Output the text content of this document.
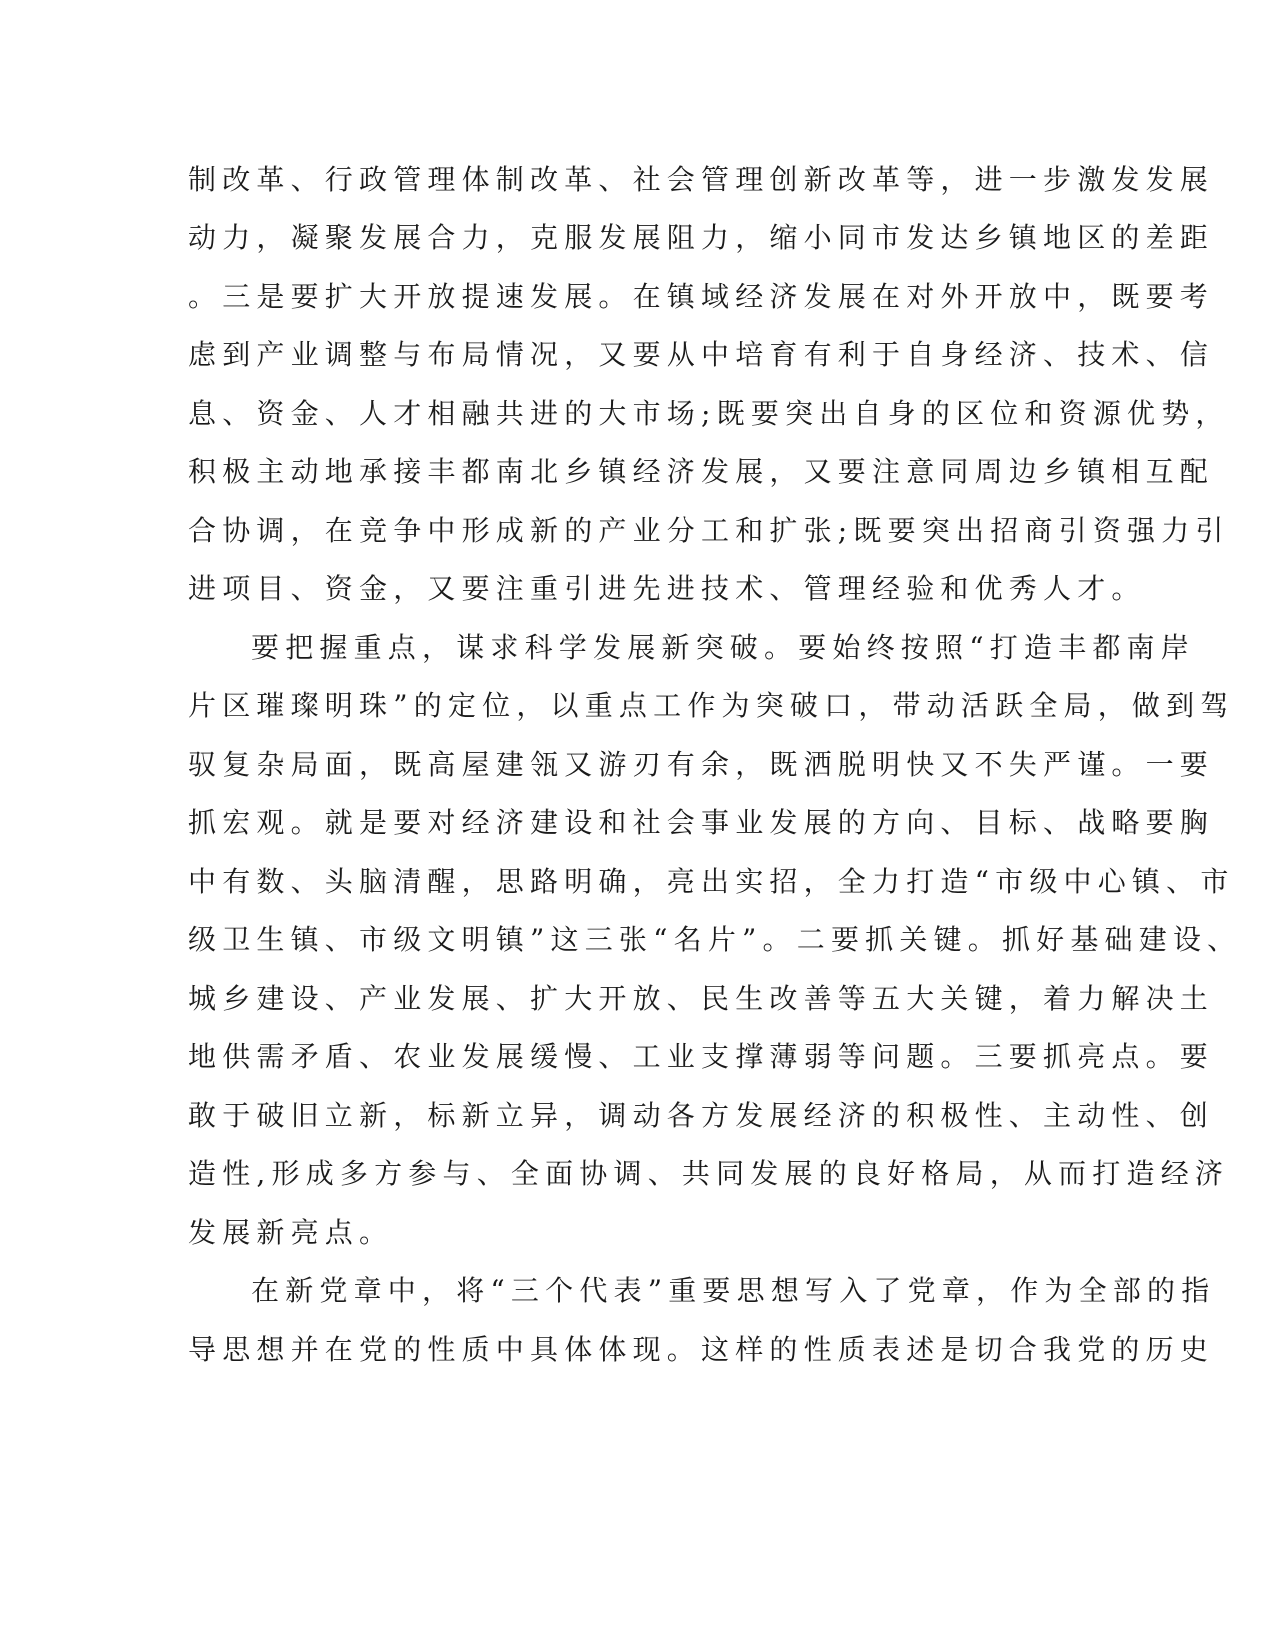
制改革、行政管理体制改革、社会管理创新改革等，进一步激发发展
动力，凝聚发展合力，克服发展阻力，缩小同市发达乡镇地区的差距
。三是要扩大开放提速发展。在镇域经济发展在对外开放中，既要考
虑到产业调整与布局情况，又要从中培育有利于自身经济、技术、信
息、资金、人才相融共进的大市场;既要突出自身的区位和资源优势，
积极主动地承接丰都南北乡镇经济发展，又要注意同周边乡镇相互配
合协调，在竞争中形成新的产业分工和扩张;既要突出招商引资强力引
进项目、资金，又要注重引进先进技术、管理经验和优秀人才。
要把握重点，谋求科学发展新突破。要始终按照“打造丰都南岸
片区璀璨明珠”的定位，以重点工作为突破口，带动活跃全局，做到驾
驭复杂局面，既高屋建瓴又游刃有余，既洒脱明快又不失严谨。一要
抓宏观。就是要对经济建设和社会事业发展的方向、目标、战略要胸
中有数、头脑清醒，思路明确，亮出实招，全力打造“市级中心镇、市
级卫生镇、市级文明镇”这三张“名片”。二要抓关键。抓好基础建设、
城乡建设、产业发展、扩大开放、民生改善等五大关键，着力解决土
地供需矛盾、农业发展缓慢、工业支撑薄弱等问题。三要抓亮点。要
敢于破旧立新，标新立异，调动各方发展经济的积极性、主动性、创
造性,形成多方参与、全面协调、共同发展的良好格局，从而打造经济
发展新亮点。
在新党章中，将“三个代表”重要思想写入了党章，作为全部的指
导思想并在党的性质中具体体现。这样的性质表述是切合我党的历史
